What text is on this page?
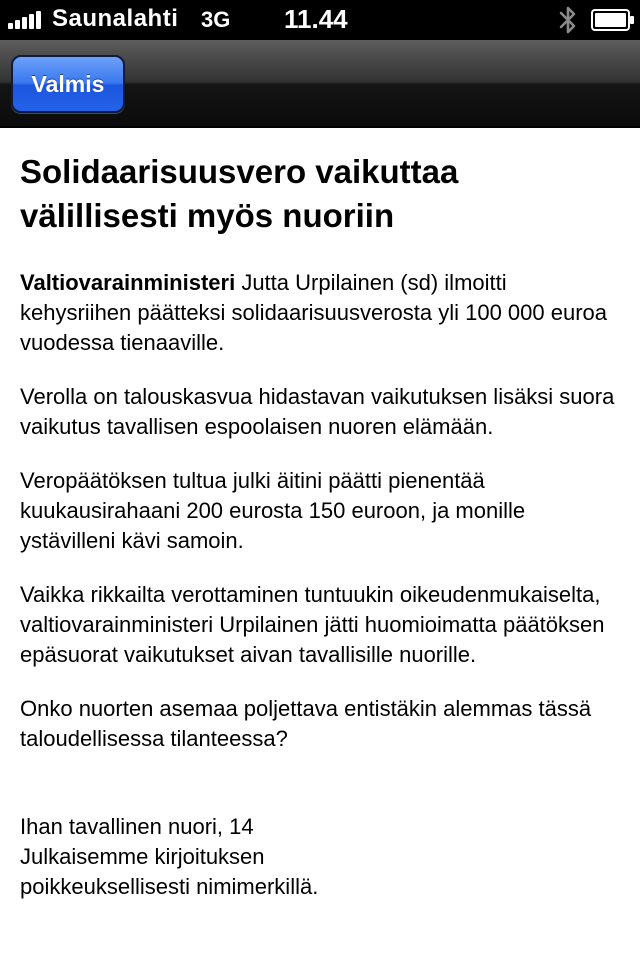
Saunalahti 3G 11.44
Valmis
Solidaarisuusvero vaikuttaa välillisesti myös nuoriin

Valtiovarainministeri Jutta Urpilainen (sd) ilmoitti kehysriihen päätteksi solidaarisuusverosta yli 100 000 euroa vuodessa tienaaville.

Verolla on talouskasvua hidastavan vaikutuksen lisäksi suora vaikutus tavallisen espoolaisen nuoren elämään.

Veropäätöksen tultua julki äitini päätti pienentää kuukausirahaani 200 eurosta 150 euroon, ja monille ystävilleni kävi samoin.

Vaikka rikkailta verottaminen tuntuukin oikeudenmukaiselta, valtiovarainministeri Urpilainen jätti huomioimatta päätöksen epäsuorat vaikutukset aivan tavallisille nuorille.

Onko nuorten asemaa poljettava entistäkin alemmas tässä taloudellisessa tilanteessa?

Ihan tavallinen nuori, 14
Julkaisemme kirjoituksen
poikkeuksellisesti nimimerkillä.
